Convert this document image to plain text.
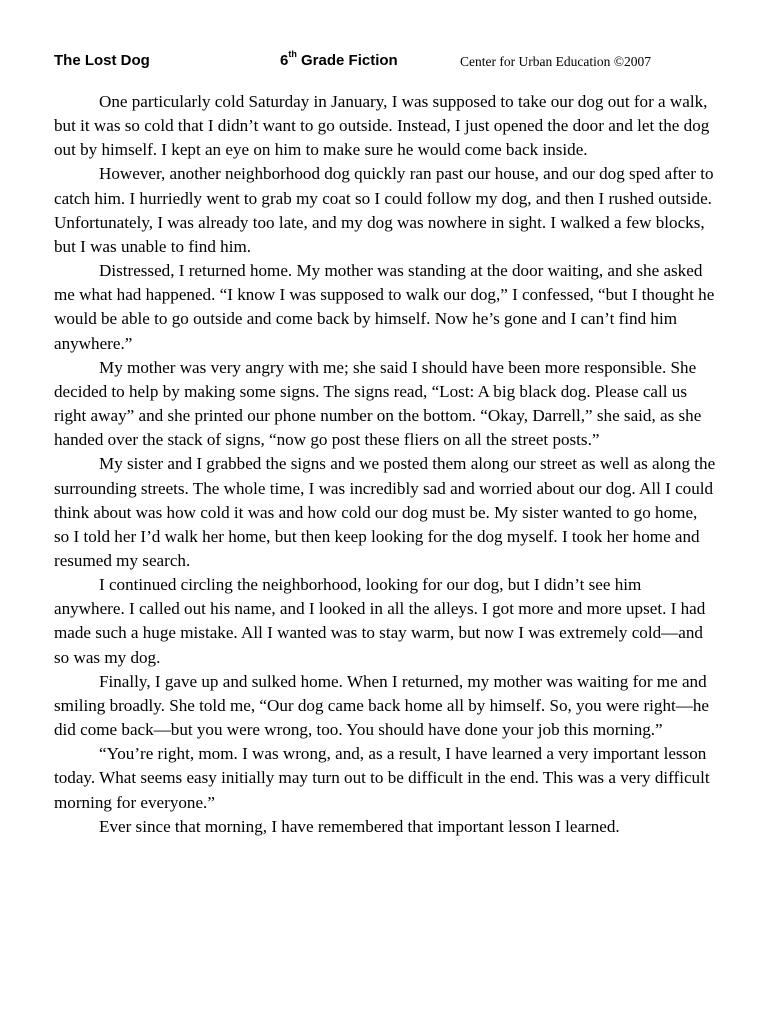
The Lost Dog	6th Grade Fiction	Center for Urban Education ©2007

One particularly cold Saturday in January, I was supposed to take our dog out for a walk, but it was so cold that I didn’t want to go outside. Instead, I just opened the door and let the dog out by himself. I kept an eye on him to make sure he would come back inside.

However, another neighborhood dog quickly ran past our house, and our dog sped after to catch him. I hurriedly went to grab my coat so I could follow my dog, and then I rushed outside. Unfortunately, I was already too late, and my dog was nowhere in sight. I walked a few blocks, but I was unable to find him.

Distressed, I returned home. My mother was standing at the door waiting, and she asked me what had happened. “I know I was supposed to walk our dog,” I confessed, “but I thought he would be able to go outside and come back by himself. Now he’s gone and I can’t find him anywhere.”

My mother was very angry with me; she said I should have been more responsible. She decided to help by making some signs. The signs read, “Lost: A big black dog. Please call us right away” and she printed our phone number on the bottom. “Okay, Darrell,” she said, as she handed over the stack of signs, “now go post these fliers on all the street posts.”

My sister and I grabbed the signs and we posted them along our street as well as along the surrounding streets. The whole time, I was incredibly sad and worried about our dog. All I could think about was how cold it was and how cold our dog must be. My sister wanted to go home, so I told her I’d walk her home, but then keep looking for the dog myself. I took her home and resumed my search.

I continued circling the neighborhood, looking for our dog, but I didn’t see him anywhere. I called out his name, and I looked in all the alleys. I got more and more upset. I had made such a huge mistake. All I wanted was to stay warm, but now I was extremely cold—and so was my dog.

Finally, I gave up and sulked home. When I returned, my mother was waiting for me and smiling broadly. She told me, “Our dog came back home all by himself. So, you were right—he did come back—but you were wrong, too. You should have done your job this morning.”

“You’re right, mom. I was wrong, and, as a result, I have learned a very important lesson today. What seems easy initially may turn out to be difficult in the end. This was a very difficult morning for everyone.”

Ever since that morning, I have remembered that important lesson I learned.
